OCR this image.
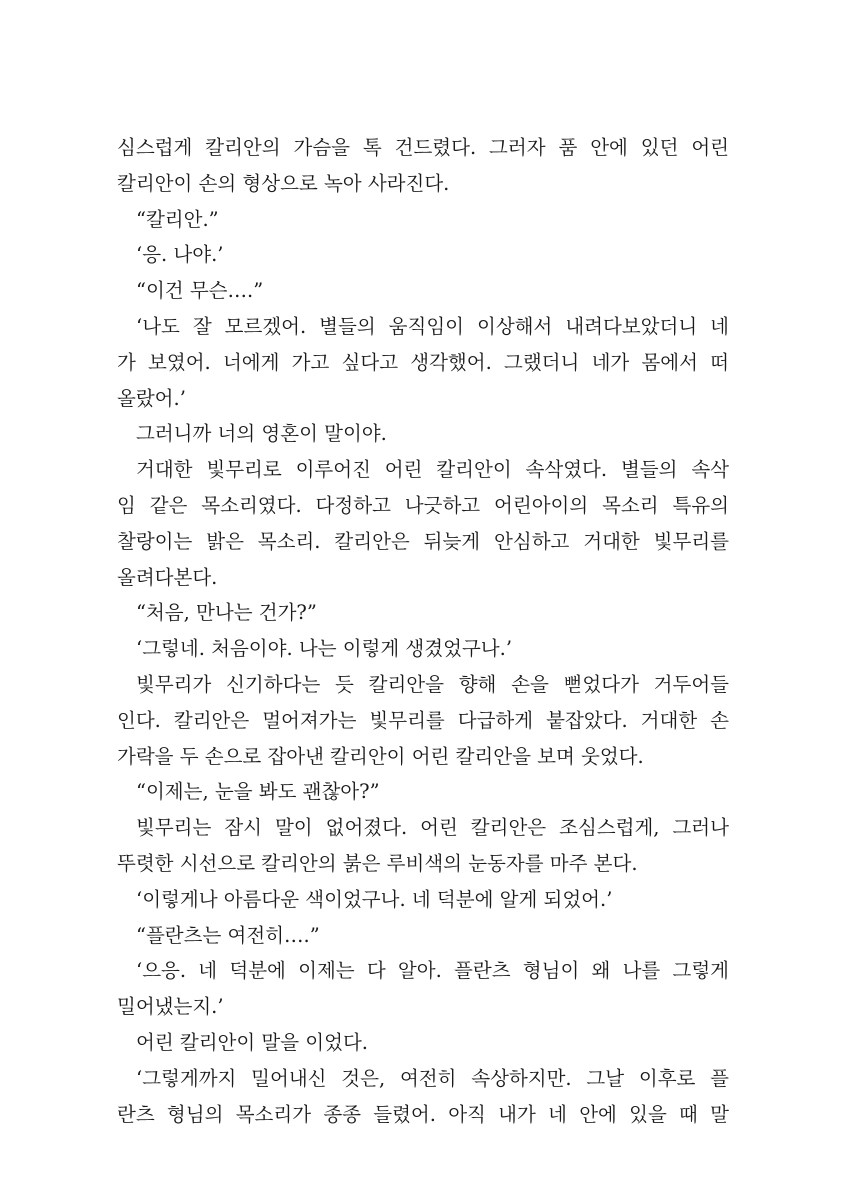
심스럽게 칼리안의 가슴을 톡 건드렸다. 그러자 품 안에 있던 어린
칼리안이 손의 형상으로 녹아 사라진다.
“칼리안.”
‘응. 나야.’
“이건 무슨….”
‘나도 잘 모르겠어. 별들의 움직임이 이상해서 내려다보았더니 네
가 보였어. 너에게 가고 싶다고 생각했어. 그랬더니 네가 몸에서 떠
올랐어.’
그러니까 너의 영혼이 말이야.
거대한 빛무리로 이루어진 어린 칼리안이 속삭였다. 별들의 속삭
임 같은 목소리였다. 다정하고 나긋하고 어린아이의 목소리 특유의
찰랑이는 밝은 목소리. 칼리안은 뒤늦게 안심하고 거대한 빛무리를
올려다본다.
“처음, 만나는 건가?”
‘그렇네. 처음이야. 나는 이렇게 생겼었구나.’
빛무리가 신기하다는 듯 칼리안을 향해 손을 뻗었다가 거두어들
인다. 칼리안은 멀어져가는 빛무리를 다급하게 붙잡았다. 거대한 손
가락을 두 손으로 잡아낸 칼리안이 어린 칼리안을 보며 웃었다.
“이제는, 눈을 봐도 괜찮아?”
빛무리는 잠시 말이 없어졌다. 어린 칼리안은 조심스럽게, 그러나
뚜렷한 시선으로 칼리안의 붉은 루비색의 눈동자를 마주 본다.
‘이렇게나 아름다운 색이었구나. 네 덕분에 알게 되었어.’
“플란츠는 여전히….”
‘으응. 네 덕분에 이제는 다 알아. 플란츠 형님이 왜 나를 그렇게
밀어냈는지.’
어린 칼리안이 말을 이었다.
‘그렇게까지 밀어내신 것은, 여전히 속상하지만. 그날 이후로 플
란츠 형님의 목소리가 종종 들렸어. 아직 내가 네 안에 있을 때 말
